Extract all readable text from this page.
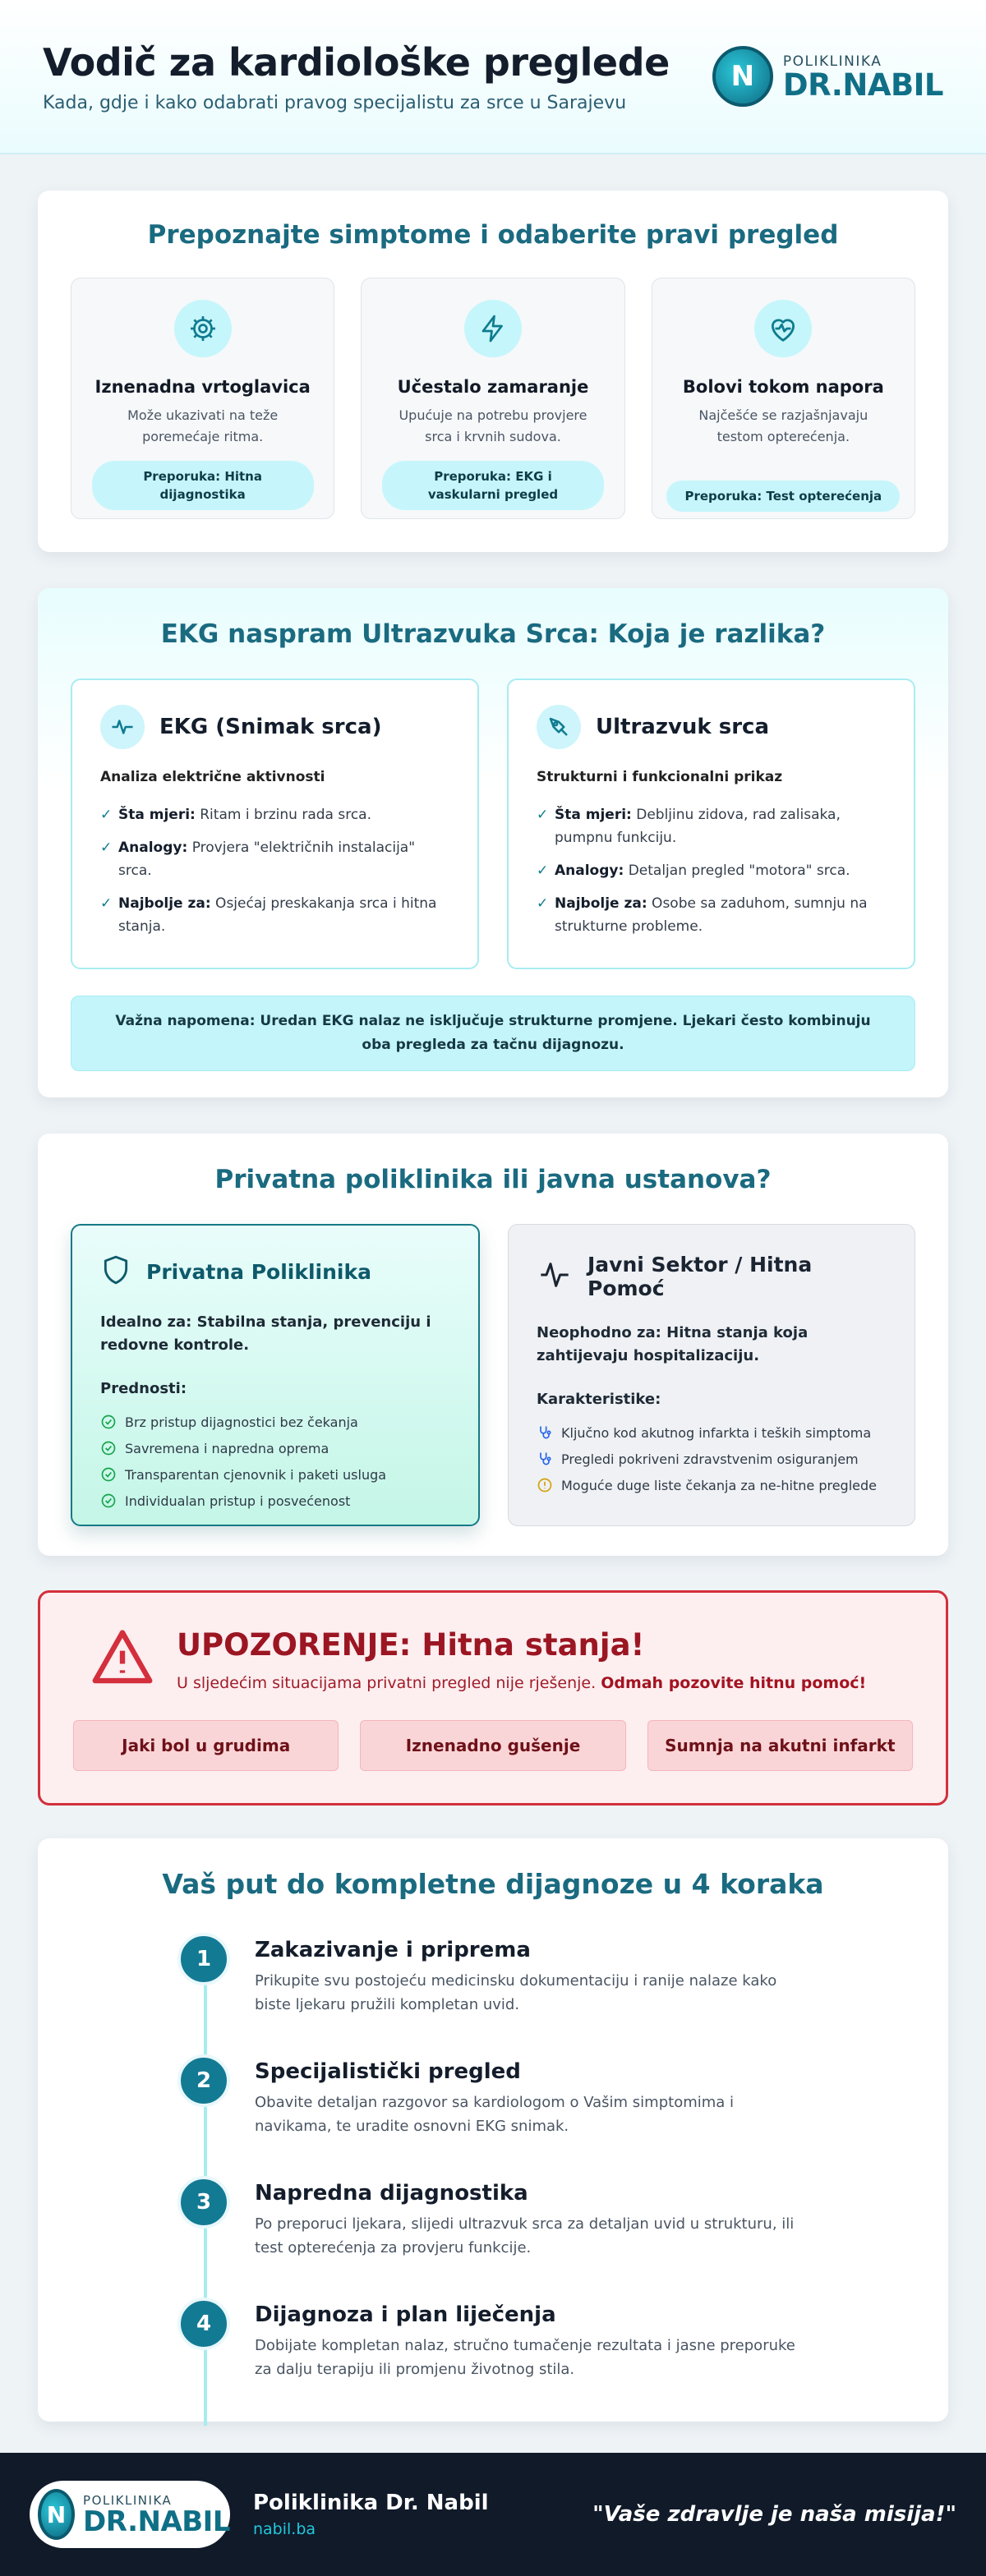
Vodič za kardiološke preglede
Kada, gdje i kako odabrati pravog specijalistu za srce u Sarajevu
N	POLIKLINIKA
DR.NABIL
Prepoznajte simptome i odaberite pravi pregled
Iznenadna vrtoglavica

Može ukazivati na teže poremećaje ritma.

Preporuka: Hitna dijagnostika
Učestalo zamaranje

Upućuje na potrebu provjere srca i krvnih sudova.

Preporuka: EKG i vaskularni pregled
Bolovi tokom napora

Najčešće se razjašnjavaju testom opterećenja.

Preporuka: Test opterećenja
EKG naspram Ultrazvuka Srca: Koja je razlika?
EKG (Snimak srca)
Analiza električne aktivnosti
✓ Šta mjeri: Ritam i brzinu rada srca.
✓ Analogy: Provjera "električnih instalacija" srca.
✓ Najbolje za: Osjećaj preskakanja srca i hitna stanja.
Ultrazvuk srca
Strukturni i funkcionalni prikaz
✓ Šta mjeri: Debljinu zidova, rad zalisaka, pumpnu funkciju.
✓ Analogy: Detaljan pregled "motora" srca.
✓ Najbolje za: Osobe sa zaduhom, sumnju na strukturne probleme.
Važna napomena: Uredan EKG nalaz ne isključuje strukturne promjene. Ljekari često kombinuju oba pregleda za tačnu dijagnozu.
Privatna poliklinika ili javna ustanova?
Privatna Poliklinika
Idealno za: Stabilna stanja, prevenciju i redovne kontrole.
Prednosti:
Brz pristup dijagnostici bez čekanja
Savremena i napredna oprema
Transparentan cjenovnik i paketi usluga
Individualan pristup i posvećenost
Javni Sektor / Hitna Pomoć
Neophodno za: Hitna stanja koja zahtijevaju hospitalizaciju.
Karakteristike:
Ključno kod akutnog infarkta i teških simptoma
Pregledi pokriveni zdravstvenim osiguranjem
Moguće duge liste čekanja za ne-hitne preglede
UPOZORENJE: Hitna stanja!

U sljedećim situacijama privatni pregled nije rješenje. Odmah pozovite hitnu pomoć!

Jaki bol u grudima	Iznenadno gušenje	Sumnja na akutni infarkt
Vaš put do kompletne dijagnoze u 4 koraka
1	Zakazivanje i priprema

Prikupite svu postojeću medicinsku dokumentaciju i ranije nalaze kako biste ljekaru pružili kompletan uvid.

2	Specijalistički pregled

Obavite detaljan razgovor sa kardiologom o Vašim simptomima i navikama, te uradite osnovni EKG snimak.

3	Napredna dijagnostika

Po preporuci ljekara, slijedi ultrazvuk srca za detaljan uvid u strukturu, ili test opterećenja za provjeru funkcije.

4	Dijagnoza i plan liječenja

Dobijate kompletan nalaz, stručno tumačenje rezultata i jasne preporuke za dalju terapiju ili promjenu životnog stila.

N
POLIKLINIKA
DR.NABIL
Poliklinika Dr. Nabil
nabil.ba
"Vaše zdravlje je naša misija!"
